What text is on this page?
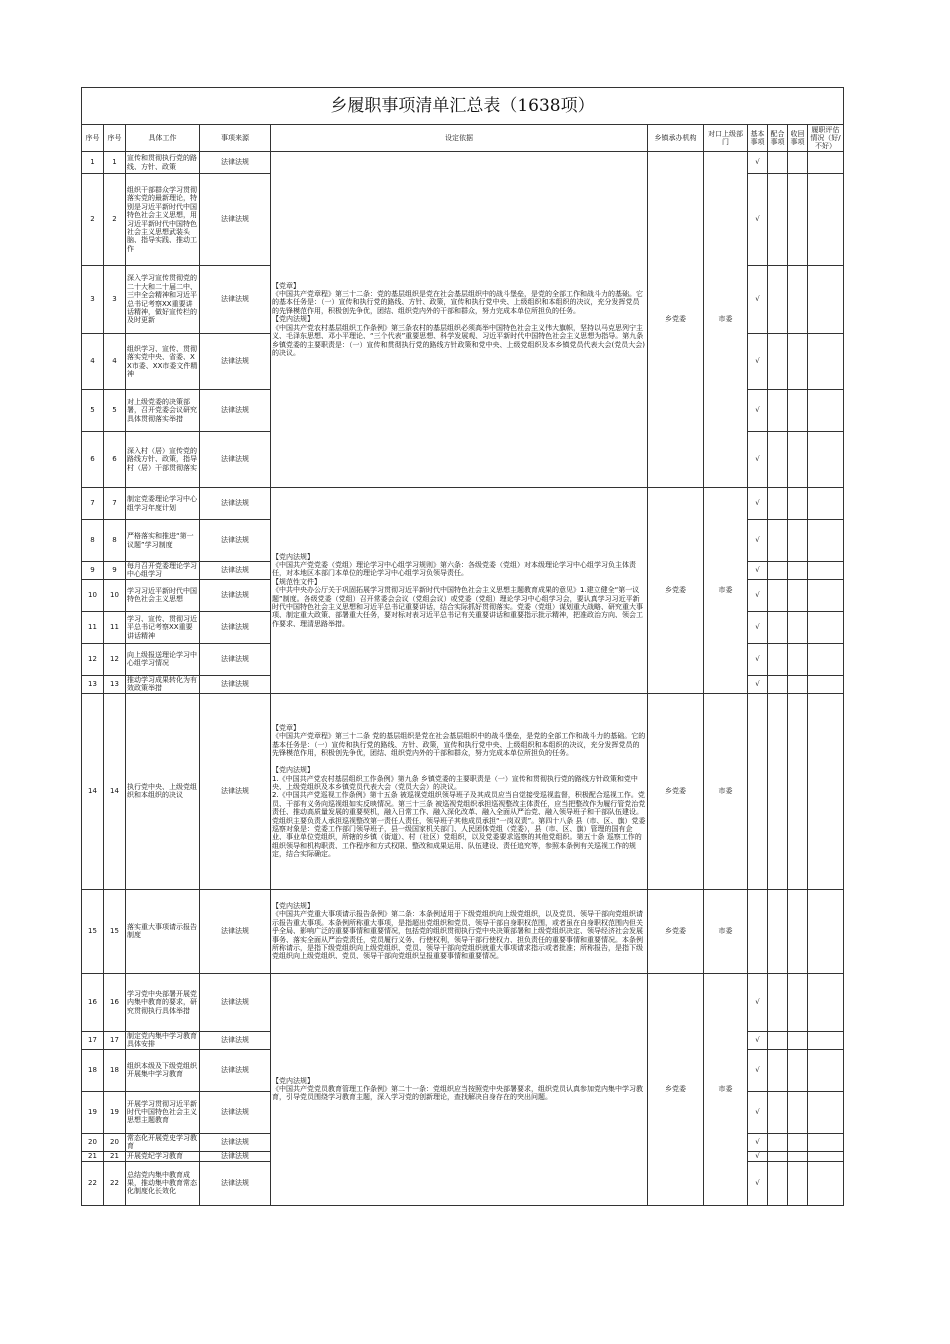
乡履职事项清单汇总表（1638项）										
序号	序号	具体工作	事项来源	设定依据	乡镇承办机构	对口上级部门	基本事项	配合事项	收回事项	履职评估情况（好/不好）
1	1	宣传和贯彻执行党的路线、方针、政策	法律法规	【党章】
《中国共产党章程》第三十二条：党的基层组织是党在社会基层组织中的战斗堡垒，是党的全部工作和战斗力的基础。它的基本任务是：（一）宣传和执行党的路线、方针、政策，宣传和执行党中央、上级组织和本组织的决议，充分发挥党员的先锋模范作用，积极创先争优，团结、组织党内外的干部和群众，努力完成本单位所担负的任务。
【党内法规】
《中国共产党农村基层组织工作条例》第三条农村的基层组织必须高举中国特色社会主义伟大旗帜，坚持以马克思列宁主义、毛泽东思想、邓小平理论、“三个代表”重要思想、科学发展观、习近平新时代中国特色社会主义思想为指导。第九条乡镇党委的主要职责是：（一）宣传和贯彻执行党的路线方针政策和党中央、上级党组织及本乡镇党员代表大会(党员大会)的决议。	乡党委	市委	√			
2	2	组织干部群众学习贯彻落实党的最新理论，特别是习近平新时代中国特色社会主义思想，用习近平新时代中国特色社会主义思想武装头脑、指导实践、推动工作	法律法规				√			
3	3	深入学习宣传贯彻党的二十大和二十届二中、三中全会精神和习近平总书记考察XX重要讲话精神，做好宣传栏的及时更新	法律法规				√			
4	4	组织学习、宣传、贯彻落实党中央、省委、XX市委、XX市委文件精神	法律法规				√			
5	5	对上级党委的决策部署，召开党委会议研究具体贯彻落实举措	法律法规				√			
6	6	深入村（居）宣传党的路线方针、政策，指导村（居）干部贯彻落实	法律法规				√			
7	7	制定党委理论学习中心组学习年度计划	法律法规	【党内法规】
《中国共产党党委（党组）理论学习中心组学习规则》第六条：各级党委（党组）对本级理论学习中心组学习负主体责任，对本地区本部门本单位的理论学习中心组学习负领导责任。
【规范性文件】
《中共中央办公厅关于巩固拓展学习贯彻习近平新时代中国特色社会主义思想主题教育成果的意见》1.建立健全“第一议题”制度。各级党委（党组）召开常委会会议（党组会议）或党委（党组）理论学习中心组学习会，要认真学习习近平新时代中国特色社会主义思想和习近平总书记重要讲话，结合实际抓好贯彻落实。党委（党组）谋划重大战略、研究重大事项、制定重大政策、部署重大任务，要对标对表习近平总书记有关重要讲话和重要指示批示精神，把准政治方向、领会工作要求、理清思路举措。	乡党委	市委	√			
8	8	严格落实和推进“第一议题”学习制度	法律法规				√			
9	9	每月召开党委理论学习中心组学习	法律法规				√			
10	10	学习习近平新时代中国特色社会主义思想	法律法规				√			
11	11	学习、宣传、贯彻习近平总书记考察XX重要讲话精神	法律法规				√			
12	12	向上级报送理论学习中心组学习情况	法律法规				√			
13	13	推动学习成果转化为有效政策举措	法律法规				√			
14	14	执行党中央、上级党组织和本组织的决议	法律法规	【党章】
《中国共产党章程》第三十二条 党的基层组织是党在社会基层组织中的战斗堡垒，是党的全部工作和战斗力的基础。它的基本任务是：（一）宣传和执行党的路线、方针、政策，宣传和执行党中央、上级组织和本组织的决议，充分发挥党员的先锋模范作用，积极创先争优，团结、组织党内外的干部和群众，努力完成本单位所担负的任务。

【党内法规】
1.《中国共产党农村基层组织工作条例》第九条 乡镇党委的主要职责是（一）宣传和贯彻执行党的路线方针政策和党中央、上级党组织及本乡镇党员代表大会（党员大会）的决议。
2.《中国共产党巡视工作条例》第十五条 被巡视党组织领导班子及其成员应当自觉接受巡视监督，积极配合巡视工作。党员、干部有义务向巡视组如实反映情况。第三十三条 被巡视党组织承担巡视整改主体责任，应当把整改作为履行管党治党责任、推动高质量发展的重要契机，融入日常工作、融入深化改革、融入全面从严治党、融入领导班子和干部队伍建设。党组织主要负责人承担巡视整改第一责任人责任，领导班子其他成员承担“一岗双责”。第四十八条 县（市、区、旗）党委巡察对象是：党委工作部门领导班子，县一级国家机关部门、人民团体党组（党委），县（市、区、旗）管理的国有企业、事业单位党组织，所辖的乡镇（街道）、村（社区）党组织，以及党委要求巡察的其他党组织。第五十条 巡察工作的组织领导和机构职责、工作程序和方式权限、整改和成果运用、队伍建设、责任追究等，参照本条例有关巡视工作的规定，结合实际确定。	乡党委	市委				
15	15	落实重大事项请示报告制度	法律法规	【党内法规】
《中国共产党重大事项请示报告条例》第二条：本条例适用于下级党组织向上级党组织，以及党员、领导干部向党组织请示报告重大事项。本条例所称重大事项，是指超出党组织和党员、领导干部自身职权范围，或者虽在自身职权范围内但关乎全局、影响广泛的重要事情和重要情况，包括党的组织贯彻执行党中央决策部署和上级党组织决定、领导经济社会发展事务、落实全面从严治党责任，党员履行义务、行使权利，领导干部行使权力、担负责任的重要事情和重要情况。本条例所称请示，是指下级党组织向上级党组织、党员、领导干部向党组织就重大事项请求指示或者批准；所称报告，是指下级党组织向上级党组织、党员、领导干部向党组织呈报重要事情和重要情况。	乡党委	市委				
16	16	学习党中央部署开展党内集中教育的要求，研究贯彻执行具体举措	法律法规	【党内法规】
《中国共产党党员教育管理工作条例》第二十一条：党组织应当按照党中央部署要求，组织党员认真参加党内集中学习教育，引导党员围绕学习教育主题，深入学习党的创新理论，查找解决自身存在的突出问题。	乡党委	市委	√			
17	17	制定党内集中学习教育具体安排	法律法规				√			
18	18	组织本级及下级党组织开展集中学习教育	法律法规				√			
19	19	开展学习贯彻习近平新时代中国特色社会主义思想主题教育	法律法规				√			
20	20	常态化开展党史学习教育	法律法规				√			
21	21	开展党纪学习教育	法律法规				√			
22	22	总结党内集中教育成果，推动集中教育常态化制度化长效化	法律法规				√			
